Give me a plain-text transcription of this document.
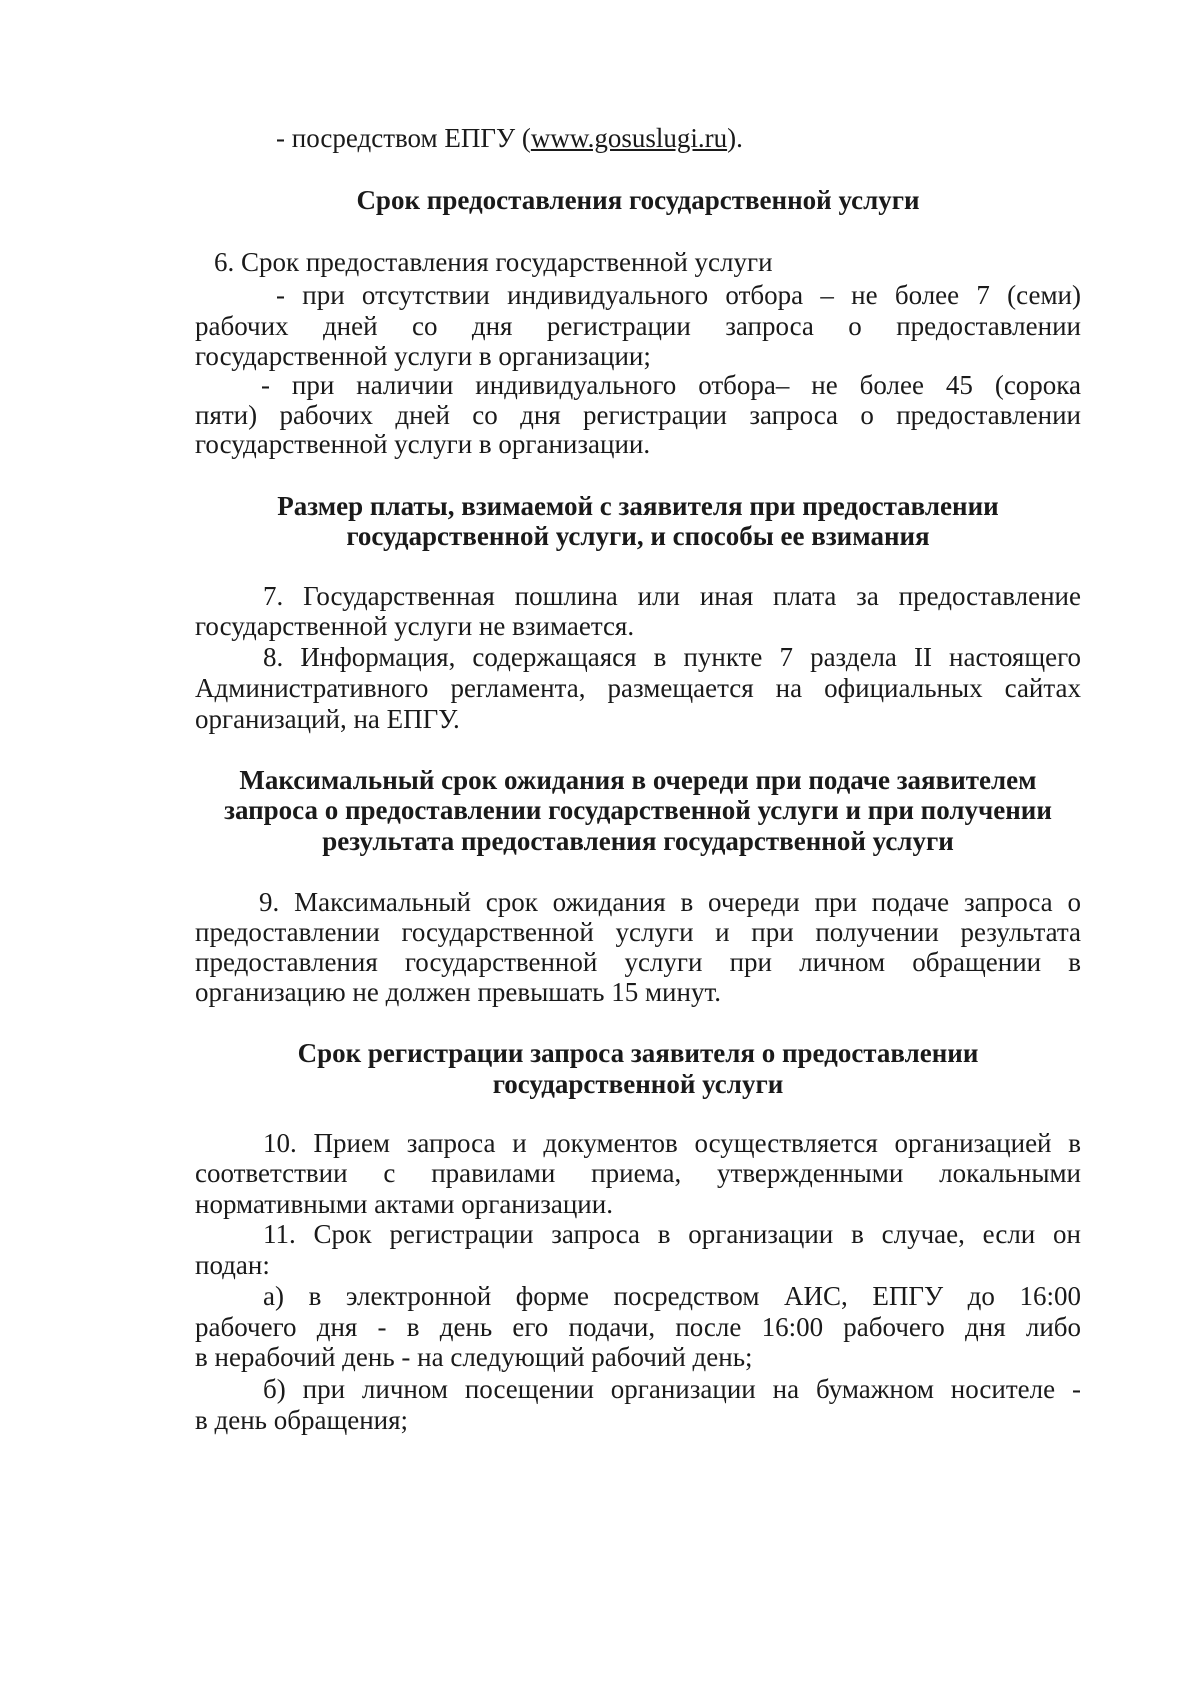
- посредством ЕПГУ (www.gosuslugi.ru).

Срок предоставления государственной услуги

6. Срок предоставления государственной услуги

- при отсутствии индивидуального отбора – не более 7 (семи)

рабочих дней со дня регистрации запроса о предоставлении

государственной услуги в организации;

- при наличии индивидуального отбора– не более 45 (сорока

пяти) рабочих дней со дня регистрации запроса о предоставлении

государственной услуги в организации.

Размер платы, взимаемой с заявителя при предоставлении

государственной услуги, и способы ее взимания

7. Государственная пошлина или иная плата за предоставление

государственной услуги не взимается.

8. Информация, содержащаяся в пункте 7 раздела II настоящего

Административного регламента, размещается на официальных сайтах

организаций, на ЕПГУ.

Максимальный срок ожидания в очереди при подаче заявителем

запроса о предоставлении государственной услуги и при получении

результата предоставления государственной услуги

9. Максимальный срок ожидания в очереди при подаче запроса о

предоставлении государственной услуги и при получении результата

предоставления государственной услуги при личном обращении в

организацию не должен превышать 15 минут.

Срок регистрации запроса заявителя о предоставлении

государственной услуги

10. Прием запроса и документов осуществляется организацией в

соответствии с правилами приема, утвержденными локальными

нормативными актами организации.

11. Срок регистрации запроса в организации в случае, если он

подан:

а) в электронной форме посредством АИС, ЕПГУ до 16:00

рабочего дня - в день его подачи, после 16:00 рабочего дня либо

в нерабочий день - на следующий рабочий день;

б) при личном посещении организации на бумажном носителе -

в день обращения;
